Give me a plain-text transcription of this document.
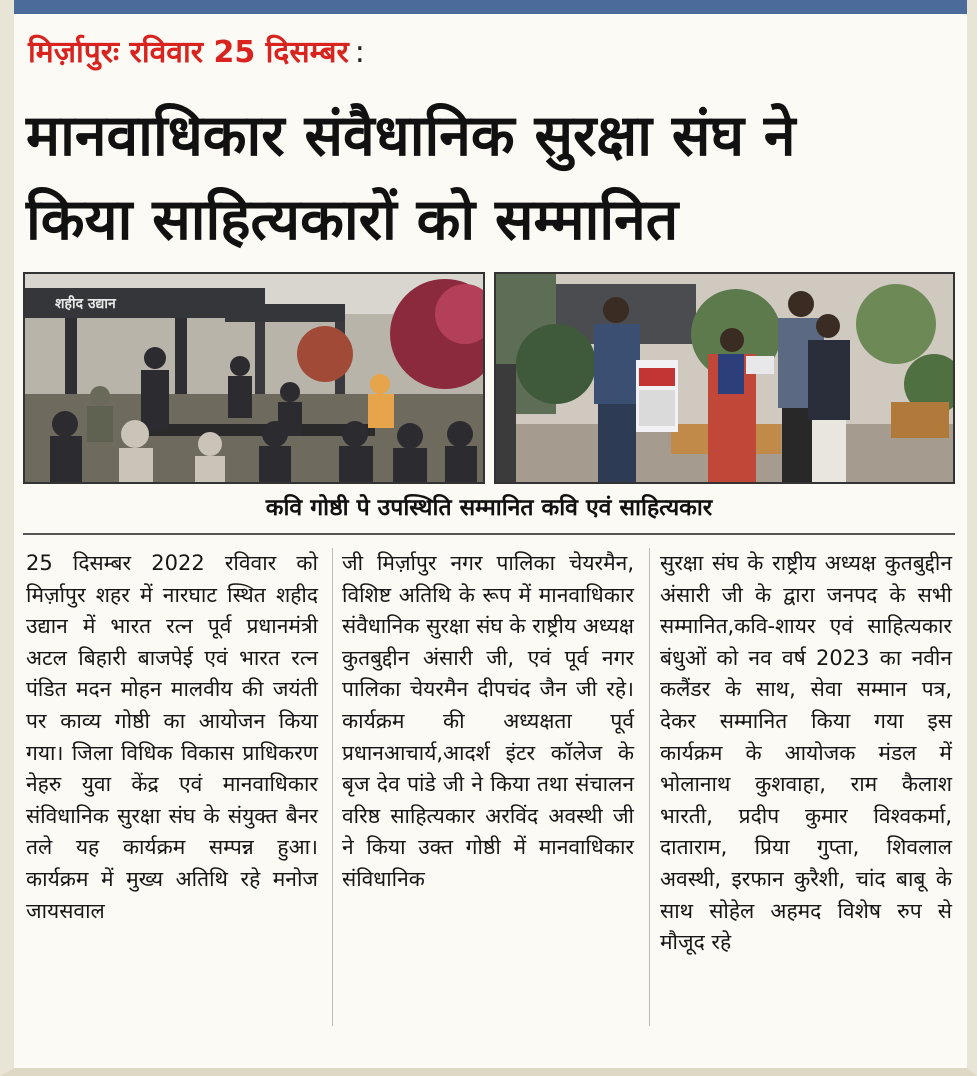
मिर्ज़ापुरः रविवार 25 दिसम्बर :
मानवाधिकार संवैधानिक सुरक्षा संघ ने
किया साहित्यकारों को सम्मानित
शहीद उद्यान
कवि गोष्ठी पे उपस्थिति सम्मानित कवि एवं साहित्यकार
25 दिसम्बर 2022 रविवार को मिर्ज़ापुर शहर में नारघाट स्थित शहीद उद्यान में भारत रत्न पूर्व प्रधानमंत्री अटल बिहारी बाजपेई एवं भारत रत्न पंडित मदन मोहन मालवीय की जयंती पर काव्य गोष्ठी का आयोजन किया गया। जिला विधिक विकास प्राधिकरण नेहरु युवा केंद्र एवं मानवाधिकार संविधानिक सुरक्षा संघ के संयुक्त बैनर तले यह कार्यक्रम सम्पन्न हुआ। कार्यक्रम में मुख्य अतिथि रहे मनोज जायसवाल
जी मिर्ज़ापुर नगर पालिका चेयरमैन, विशिष्ट अतिथि के रूप में मानवाधिकार संवैधानिक सुरक्षा संघ के राष्ट्रीय अध्यक्ष कुतबुद्दीन अंसारी जी, एवं पूर्व नगर पालिका चेयरमैन दीपचंद जैन जी रहे। कार्यक्रम की अध्यक्षता पूर्व प्रधानआचार्य,आदर्श इंटर कॉलेज के बृज देव पांडे जी ने किया तथा संचालन वरिष्ठ साहित्यकार अरविंद अवस्थी जी ने किया उक्त गोष्ठी में मानवाधिकार संविधानिक
सुरक्षा संघ के राष्ट्रीय अध्यक्ष कुतबुद्दीन अंसारी जी के द्वारा जनपद के सभी सम्मानित,कवि-शायर एवं साहित्यकार बंधुओं को नव वर्ष 2023 का नवीन कलैंडर के साथ, सेवा सम्मान पत्र, देकर सम्मानित किया गया इस कार्यक्रम के आयोजक मंडल में भोलानाथ कुशवाहा, राम कैलाश भारती, प्रदीप कुमार विश्वकर्मा, दाताराम, प्रिया गुप्ता, शिवलाल अवस्थी, इरफान कुरैशी, चांद बाबू के साथ सोहेल अहमद विशेष रुप से मौजूद रहे
